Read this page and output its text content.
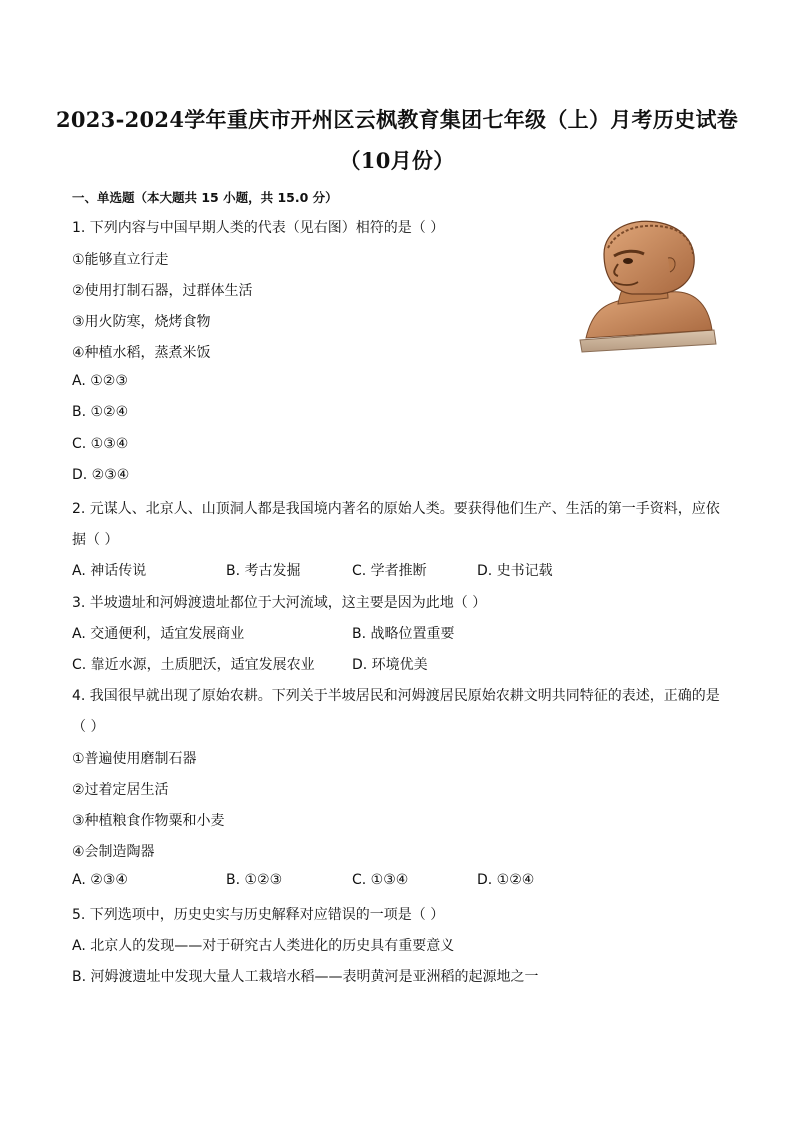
2023-2024学年重庆市开州区云枫教育集团七年级（上）月考历史试卷
（10月份）
一、单选题（本大题共 15 小题，共 15.0 分）
1. 下列内容与中国早期人类的代表（见右图）相符的是（ ）
①能够直立行走
②使用打制石器，过群体生活
③用火防寒，烧烤食物
④种植水稻，蒸煮米饭
A. ①②③
B. ①②④
C. ①③④
D. ②③④
2. 元谋人、北京人、山顶洞人都是我国境内著名的原始人类。要获得他们生产、生活的第一手资料，应依
据（ ）
A. 神话传说	B. 考古发掘	C. 学者推断	D. 史书记载
3. 半坡遗址和河姆渡遗址都位于大河流域，这主要是因为此地（ ）
A. 交通便利，适宜发展商业	B. 战略位置重要
C. 靠近水源，土质肥沃，适宜发展农业	D. 环境优美
4. 我国很早就出现了原始农耕。下列关于半坡居民和河姆渡居民原始农耕文明共同特征的表述，正确的是
（ ）
①普遍使用磨制石器
②过着定居生活
③种植粮食作物粟和小麦
④会制造陶器
A. ②③④	B. ①②③	C. ①③④	D. ①②④
5. 下列选项中，历史史实与历史解释对应错误的一项是（ ）
A. 北京人的发现——对于研究古人类进化的历史具有重要意义
B. 河姆渡遗址中发现大量人工栽培水稻——表明黄河是亚洲稻的起源地之一
